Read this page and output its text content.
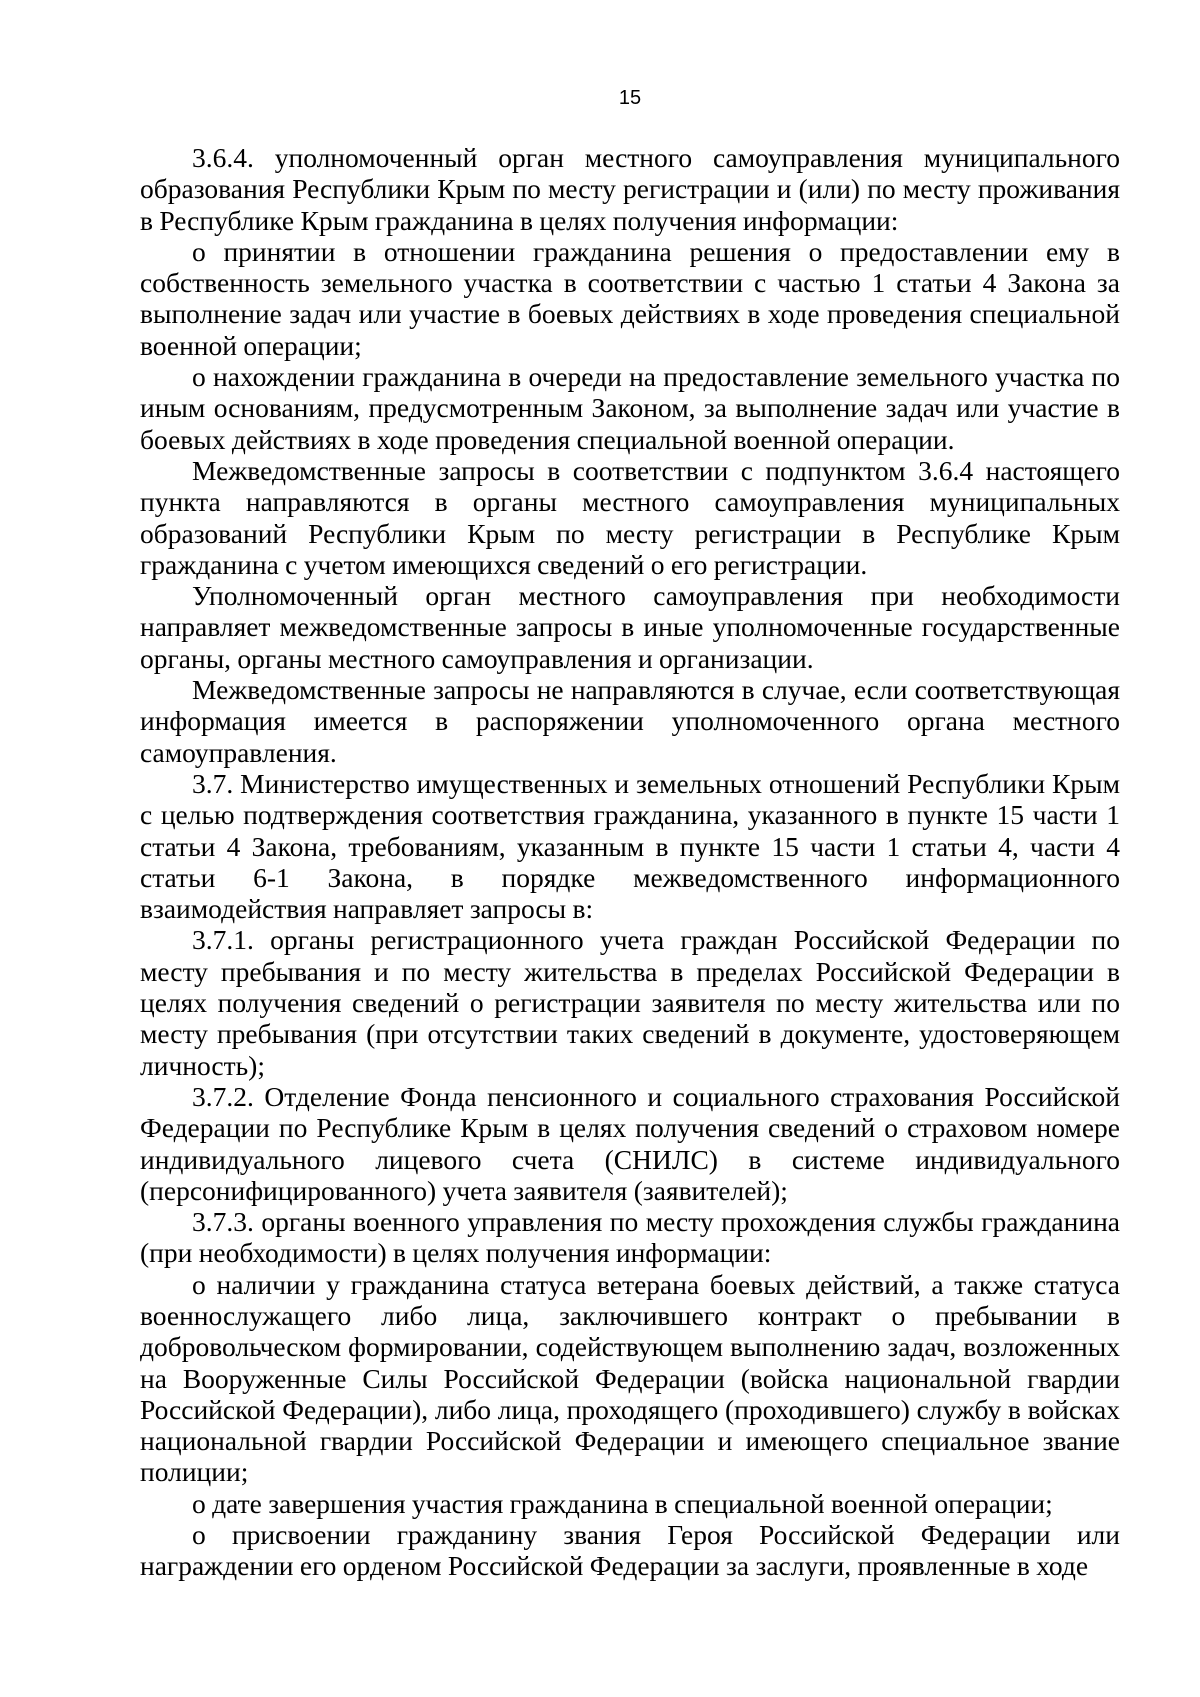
15

3.6.4. уполномоченный орган местного самоуправления муниципального образования Республики Крым по месту регистрации и (или) по месту проживания в Республике Крым гражданина в целях получения информации:

о принятии в отношении гражданина решения о предоставлении ему в собственность земельного участка в соответствии с частью 1 статьи 4 Закона за выполнение задач или участие в боевых действиях в ходе проведения специальной военной операции;

о нахождении гражданина в очереди на предоставление земельного участка по иным основаниям, предусмотренным Законом, за выполнение задач или участие в боевых действиях в ходе проведения специальной военной операции.

Межведомственные запросы в соответствии с подпунктом 3.6.4 настоящего пункта направляются в органы местного самоуправления муниципальных образований Республики Крым по месту регистрации в Республике Крым гражданина с учетом имеющихся сведений о его регистрации.

Уполномоченный орган местного самоуправления при необходимости направляет межведомственные запросы в иные уполномоченные государственные органы, органы местного самоуправления и организации.

Межведомственные запросы не направляются в случае, если соответствующая информация имеется в распоряжении уполномоченного органа местного самоуправления.

3.7. Министерство имущественных и земельных отношений Республики Крым с целью подтверждения соответствия гражданина, указанного в пункте 15 части 1 статьи 4 Закона, требованиям, указанным в пункте 15 части 1 статьи 4, части 4 статьи 6-1 Закона, в порядке межведомственного информационного взаимодействия направляет запросы в:

3.7.1. органы регистрационного учета граждан Российской Федерации по месту пребывания и по месту жительства в пределах Российской Федерации в целях получения сведений о регистрации заявителя по месту жительства или по месту пребывания (при отсутствии таких сведений в документе, удостоверяющем личность);

3.7.2. Отделение Фонда пенсионного и социального страхования Российской Федерации по Республике Крым в целях получения сведений о страховом номере индивидуального лицевого счета (СНИЛС) в системе индивидуального (персонифицированного) учета заявителя (заявителей);

3.7.3. органы военного управления по месту прохождения службы гражданина (при необходимости) в целях получения информации:

о наличии у гражданина статуса ветерана боевых действий, а также статуса военнослужащего либо лица, заключившего контракт о пребывании в добровольческом формировании, содействующем выполнению задач, возложенных на Вооруженные Силы Российской Федерации (войска национальной гвардии Российской Федерации), либо лица, проходящего (проходившего) службу в войсках национальной гвардии Российской Федерации и имеющего специальное звание полиции;

о дате завершения участия гражданина в специальной военной операции;

о присвоении гражданину звания Героя Российской Федерации или награждении его орденом Российской Федерации за заслуги, проявленные в ходе
